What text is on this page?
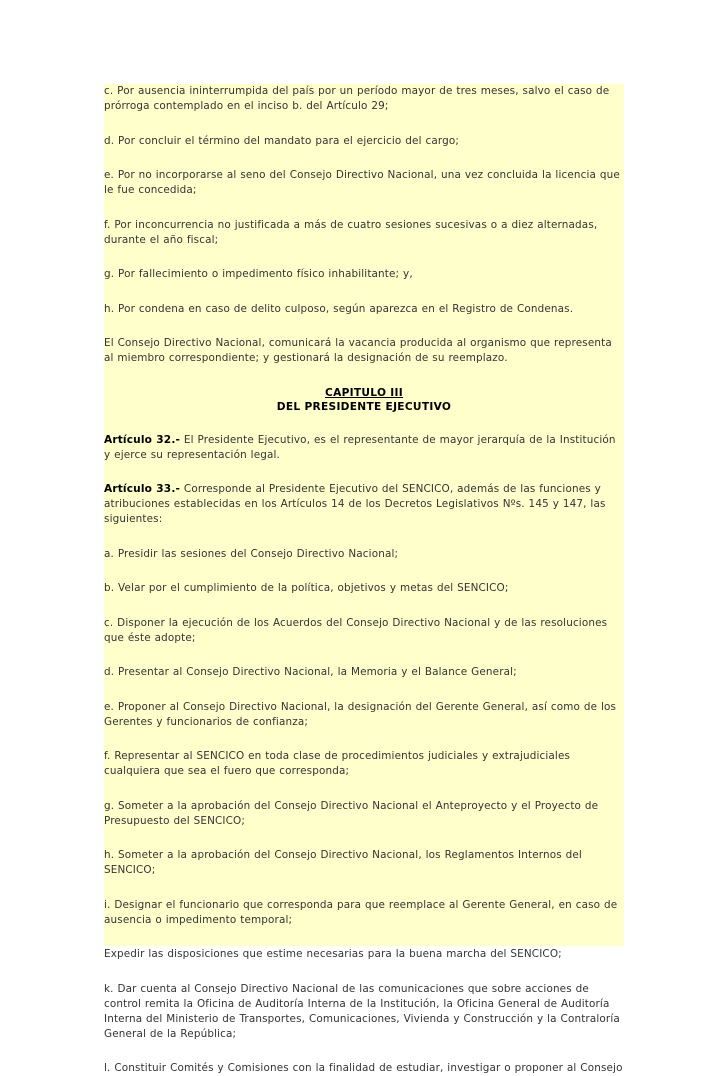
c. Por ausencia ininterrumpida del país por un período mayor de tres meses, salvo el caso de prórroga contemplado en el inciso b. del Artículo 29;

d. Por concluir el término del mandato para el ejercicio del cargo;

e. Por no incorporarse al seno del Consejo Directivo Nacional, una vez concluida la licencia que le fue concedida;

f. Por inconcurrencia no justificada a más de cuatro sesiones sucesivas o a diez alternadas, durante el año fiscal;

g. Por fallecimiento o impedimento físico inhabilitante; y,

h. Por condena en caso de delito culposo, según aparezca en el Registro de Condenas.

El Consejo Directivo Nacional, comunicará la vacancia producida al organismo que representa al miembro correspondiente; y gestionará la designación de su reemplazo.

CAPITULO III
DEL PRESIDENTE EJECUTIVO

Artículo 32.- El Presidente Ejecutivo, es el representante de mayor jerarquía de la Institución y ejerce su representación legal.

Artículo 33.- Corresponde al Presidente Ejecutivo del SENCICO, además de las funciones y atribuciones establecidas en los Artículos 14 de los Decretos Legislativos Nºs. 145 y 147, las siguientes:

a. Presidir las sesiones del Consejo Directivo Nacional;

b. Velar por el cumplimiento de la política, objetivos y metas del SENCICO;

c. Disponer la ejecución de los Acuerdos del Consejo Directivo Nacional y de las resoluciones que éste adopte;

d. Presentar al Consejo Directivo Nacional, la Memoria y el Balance General;

e. Proponer al Consejo Directivo Nacional, la designación del Gerente General, así como de los Gerentes y funcionarios de confianza;

f. Representar al SENCICO en toda clase de procedimientos judiciales y extrajudiciales cualquiera que sea el fuero que corresponda;

g. Someter a la aprobación del Consejo Directivo Nacional el Anteproyecto y el Proyecto de Presupuesto del SENCICO;

h. Someter a la aprobación del Consejo Directivo Nacional, los Reglamentos Internos del SENCICO;

i. Designar el funcionario que corresponda para que reemplace al Gerente General, en caso de ausencia o impedimento temporal;

Expedir las disposiciones que estime necesarias para la buena marcha del SENCICO;

k. Dar cuenta al Consejo Directivo Nacional de las comunicaciones que sobre acciones de control remita la Oficina de Auditoría Interna de la Institución, la Oficina General de Auditoría Interna del Ministerio de Transportes, Comunicaciones, Vivienda y Construcción y la Contraloría General de la República;

l. Constituir Comités y Comisiones con la finalidad de estudiar, investigar o proponer al Consejo
